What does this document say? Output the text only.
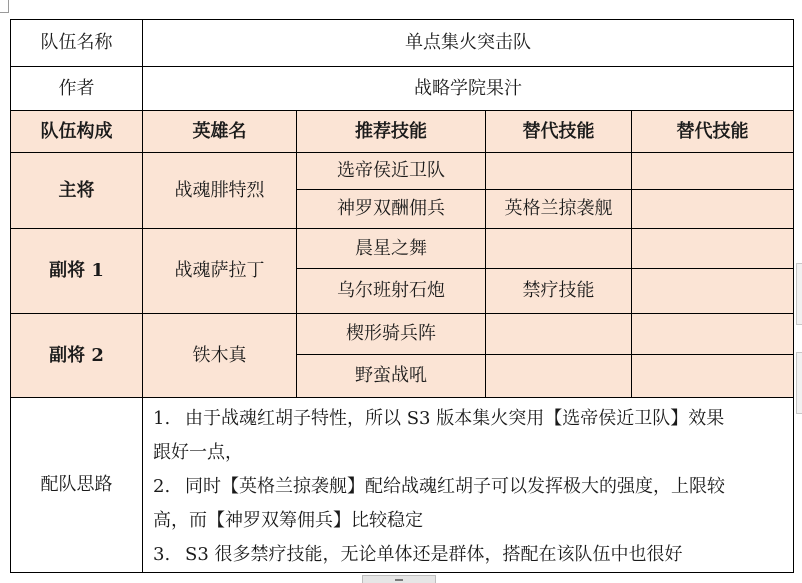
队伍名称	单点集火突击队			
作者	战略学院果汁			
队伍构成	英雄名	推荐技能	替代技能	替代技能
主将	战魂腓特烈	选帝侯近卫队		
		神罗双酬佣兵	英格兰掠袭舰	
副将 1	战魂萨拉丁	晨星之舞		
		乌尔班射石炮	禁疗技能	
副将 2	铁木真	楔形骑兵阵		
		野蛮战吼		
配队思路	1. 由于战魂红胡子特性，所以 S3 版本集火突用【选帝侯近卫队】效果

跟好一点，

2. 同时【英格兰掠袭舰】配给战魂红胡子可以发挥极大的强度，上限较

高，而【神罗双筹佣兵】比较稳定

3. S3 很多禁疗技能，无论单体还是群体，搭配在该队伍中也很好			
